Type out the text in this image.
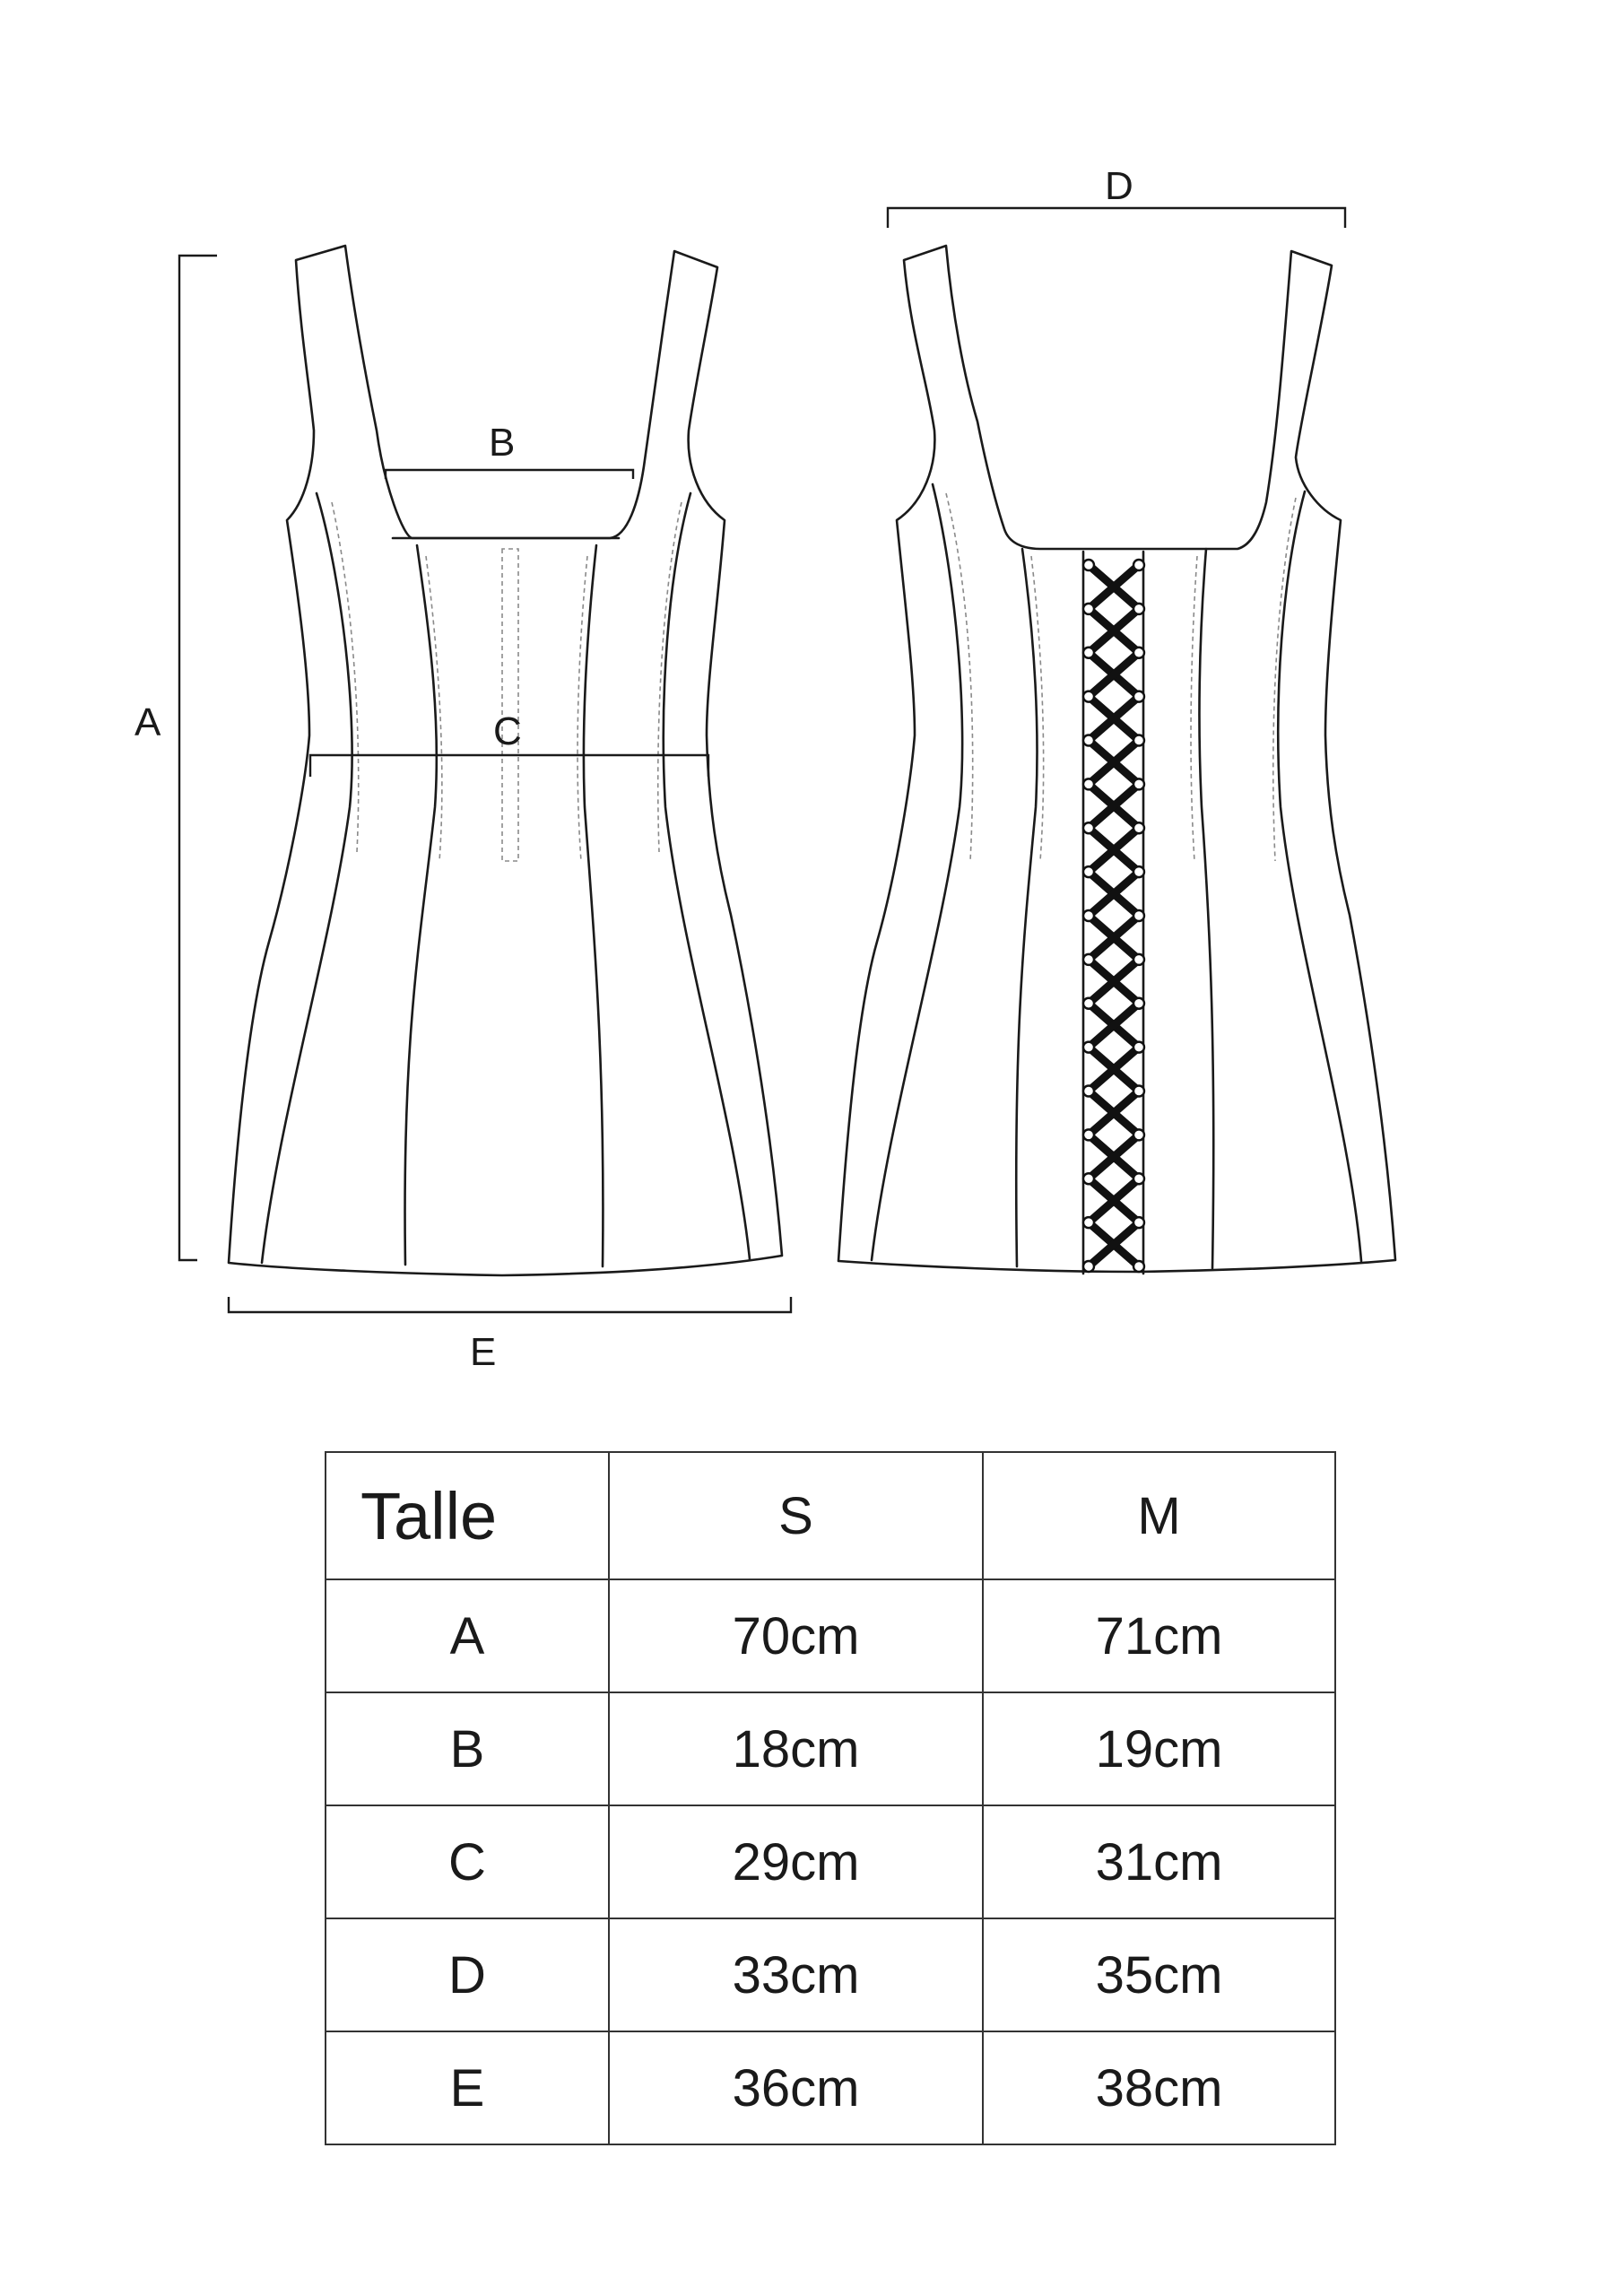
A
B
C
D
E
Talle	S	M
A	70cm	71cm
B	18cm	19cm
C	29cm	31cm
D	33cm	35cm
E	36cm	38cm
